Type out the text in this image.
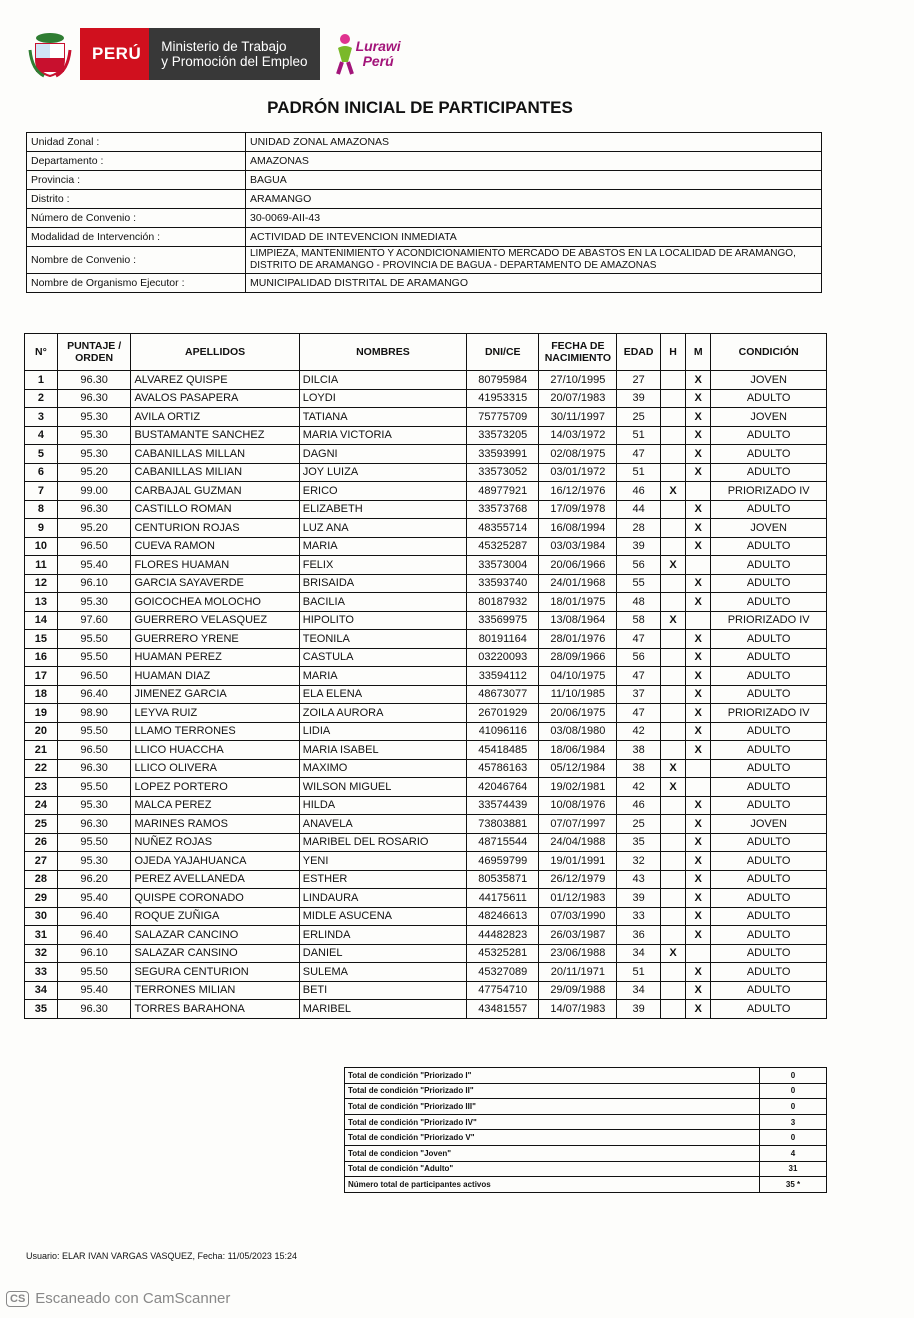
PERÚ	Ministerio de Trabajo
y Promoción del Empleo
Lurawi
Perú
PADRÓN INICIAL DE PARTICIPANTES
Unidad Zonal :	UNIDAD ZONAL AMAZONAS
Departamento :	AMAZONAS
Provincia :	BAGUA
Distrito :	ARAMANGO
Número de Convenio :	30-0069-AII-43
Modalidad de Intervención :	ACTIVIDAD DE INTEVENCION INMEDIATA
Nombre de Convenio :	LIMPIEZA, MANTENIMIENTO Y ACONDICIONAMIENTO MERCADO DE ABASTOS EN LA LOCALIDAD DE ARAMANGO, DISTRITO DE ARAMANGO - PROVINCIA DE BAGUA - DEPARTAMENTO DE AMAZONAS
Nombre de Organismo Ejecutor :	MUNICIPALIDAD DISTRITAL DE ARAMANGO
N°	PUNTAJE / ORDEN	APELLIDOS	NOMBRES	DNI/CE	FECHA DE NACIMIENTO	EDAD	H	M	CONDICIÓN
1	96.30	ALVAREZ QUISPE	DILCIA	80795984	27/10/1995	27		X	JOVEN
2	96.30	AVALOS PASAPERA	LOYDI	41953315	20/07/1983	39		X	ADULTO
3	95.30	AVILA ORTIZ	TATIANA	75775709	30/11/1997	25		X	JOVEN
4	95.30	BUSTAMANTE SANCHEZ	MARIA VICTORIA	33573205	14/03/1972	51		X	ADULTO
5	95.30	CABANILLAS MILLAN	DAGNI	33593991	02/08/1975	47		X	ADULTO
6	95.20	CABANILLAS MILIAN	JOY LUIZA	33573052	03/01/1972	51		X	ADULTO
7	99.00	CARBAJAL GUZMAN	ERICO	48977921	16/12/1976	46	X		PRIORIZADO IV
8	96.30	CASTILLO ROMAN	ELIZABETH	33573768	17/09/1978	44		X	ADULTO
9	95.20	CENTURION ROJAS	LUZ ANA	48355714	16/08/1994	28		X	JOVEN
10	96.50	CUEVA RAMON	MARIA	45325287	03/03/1984	39		X	ADULTO
11	95.40	FLORES HUAMAN	FELIX	33573004	20/06/1966	56	X		ADULTO
12	96.10	GARCIA SAYAVERDE	BRISAIDA	33593740	24/01/1968	55		X	ADULTO
13	95.30	GOICOCHEA MOLOCHO	BACILIA	80187932	18/01/1975	48		X	ADULTO
14	97.60	GUERRERO VELASQUEZ	HIPOLITO	33569975	13/08/1964	58	X		PRIORIZADO IV
15	95.50	GUERRERO YRENE	TEONILA	80191164	28/01/1976	47		X	ADULTO
16	95.50	HUAMAN PEREZ	CASTULA	03220093	28/09/1966	56		X	ADULTO
17	96.50	HUAMAN DIAZ	MARIA	33594112	04/10/1975	47		X	ADULTO
18	96.40	JIMENEZ GARCIA	ELA ELENA	48673077	11/10/1985	37		X	ADULTO
19	98.90	LEYVA RUIZ	ZOILA AURORA	26701929	20/06/1975	47		X	PRIORIZADO IV
20	95.50	LLAMO TERRONES	LIDIA	41096116	03/08/1980	42		X	ADULTO
21	96.50	LLICO HUACCHA	MARIA ISABEL	45418485	18/06/1984	38		X	ADULTO
22	96.30	LLICO OLIVERA	MAXIMO	45786163	05/12/1984	38	X		ADULTO
23	95.50	LOPEZ PORTERO	WILSON MIGUEL	42046764	19/02/1981	42	X		ADULTO
24	95.30	MALCA PEREZ	HILDA	33574439	10/08/1976	46		X	ADULTO
25	96.30	MARINES RAMOS	ANAVELA	73803881	07/07/1997	25		X	JOVEN
26	95.50	NUÑEZ ROJAS	MARIBEL DEL ROSARIO	48715544	24/04/1988	35		X	ADULTO
27	95.30	OJEDA YAJAHUANCA	YENI	46959799	19/01/1991	32		X	ADULTO
28	96.20	PEREZ AVELLANEDA	ESTHER	80535871	26/12/1979	43		X	ADULTO
29	95.40	QUISPE CORONADO	LINDAURA	44175611	01/12/1983	39		X	ADULTO
30	96.40	ROQUE ZUÑIGA	MIDLE ASUCENA	48246613	07/03/1990	33		X	ADULTO
31	96.40	SALAZAR CANCINO	ERLINDA	44482823	26/03/1987	36		X	ADULTO
32	96.10	SALAZAR CANSINO	DANIEL	45325281	23/06/1988	34	X		ADULTO
33	95.50	SEGURA CENTURION	SULEMA	45327089	20/11/1971	51		X	ADULTO
34	95.40	TERRONES MILIAN	BETI	47754710	29/09/1988	34		X	ADULTO
35	96.30	TORRES BARAHONA	MARIBEL	43481557	14/07/1983	39		X	ADULTO
Total de condición "Priorizado I"	0
Total de condición "Priorizado II"	0
Total de condición "Priorizado III"	0
Total de condición "Priorizado IV"	3
Total de condición "Priorizado V"	0
Total de condicion "Joven"	4
Total de condición "Adulto"	31
Número total de participantes activos	35 *
Usuario: ELAR IVAN VARGAS VASQUEZ, Fecha: 11/05/2023 15:24
CS Escaneado con CamScanner
